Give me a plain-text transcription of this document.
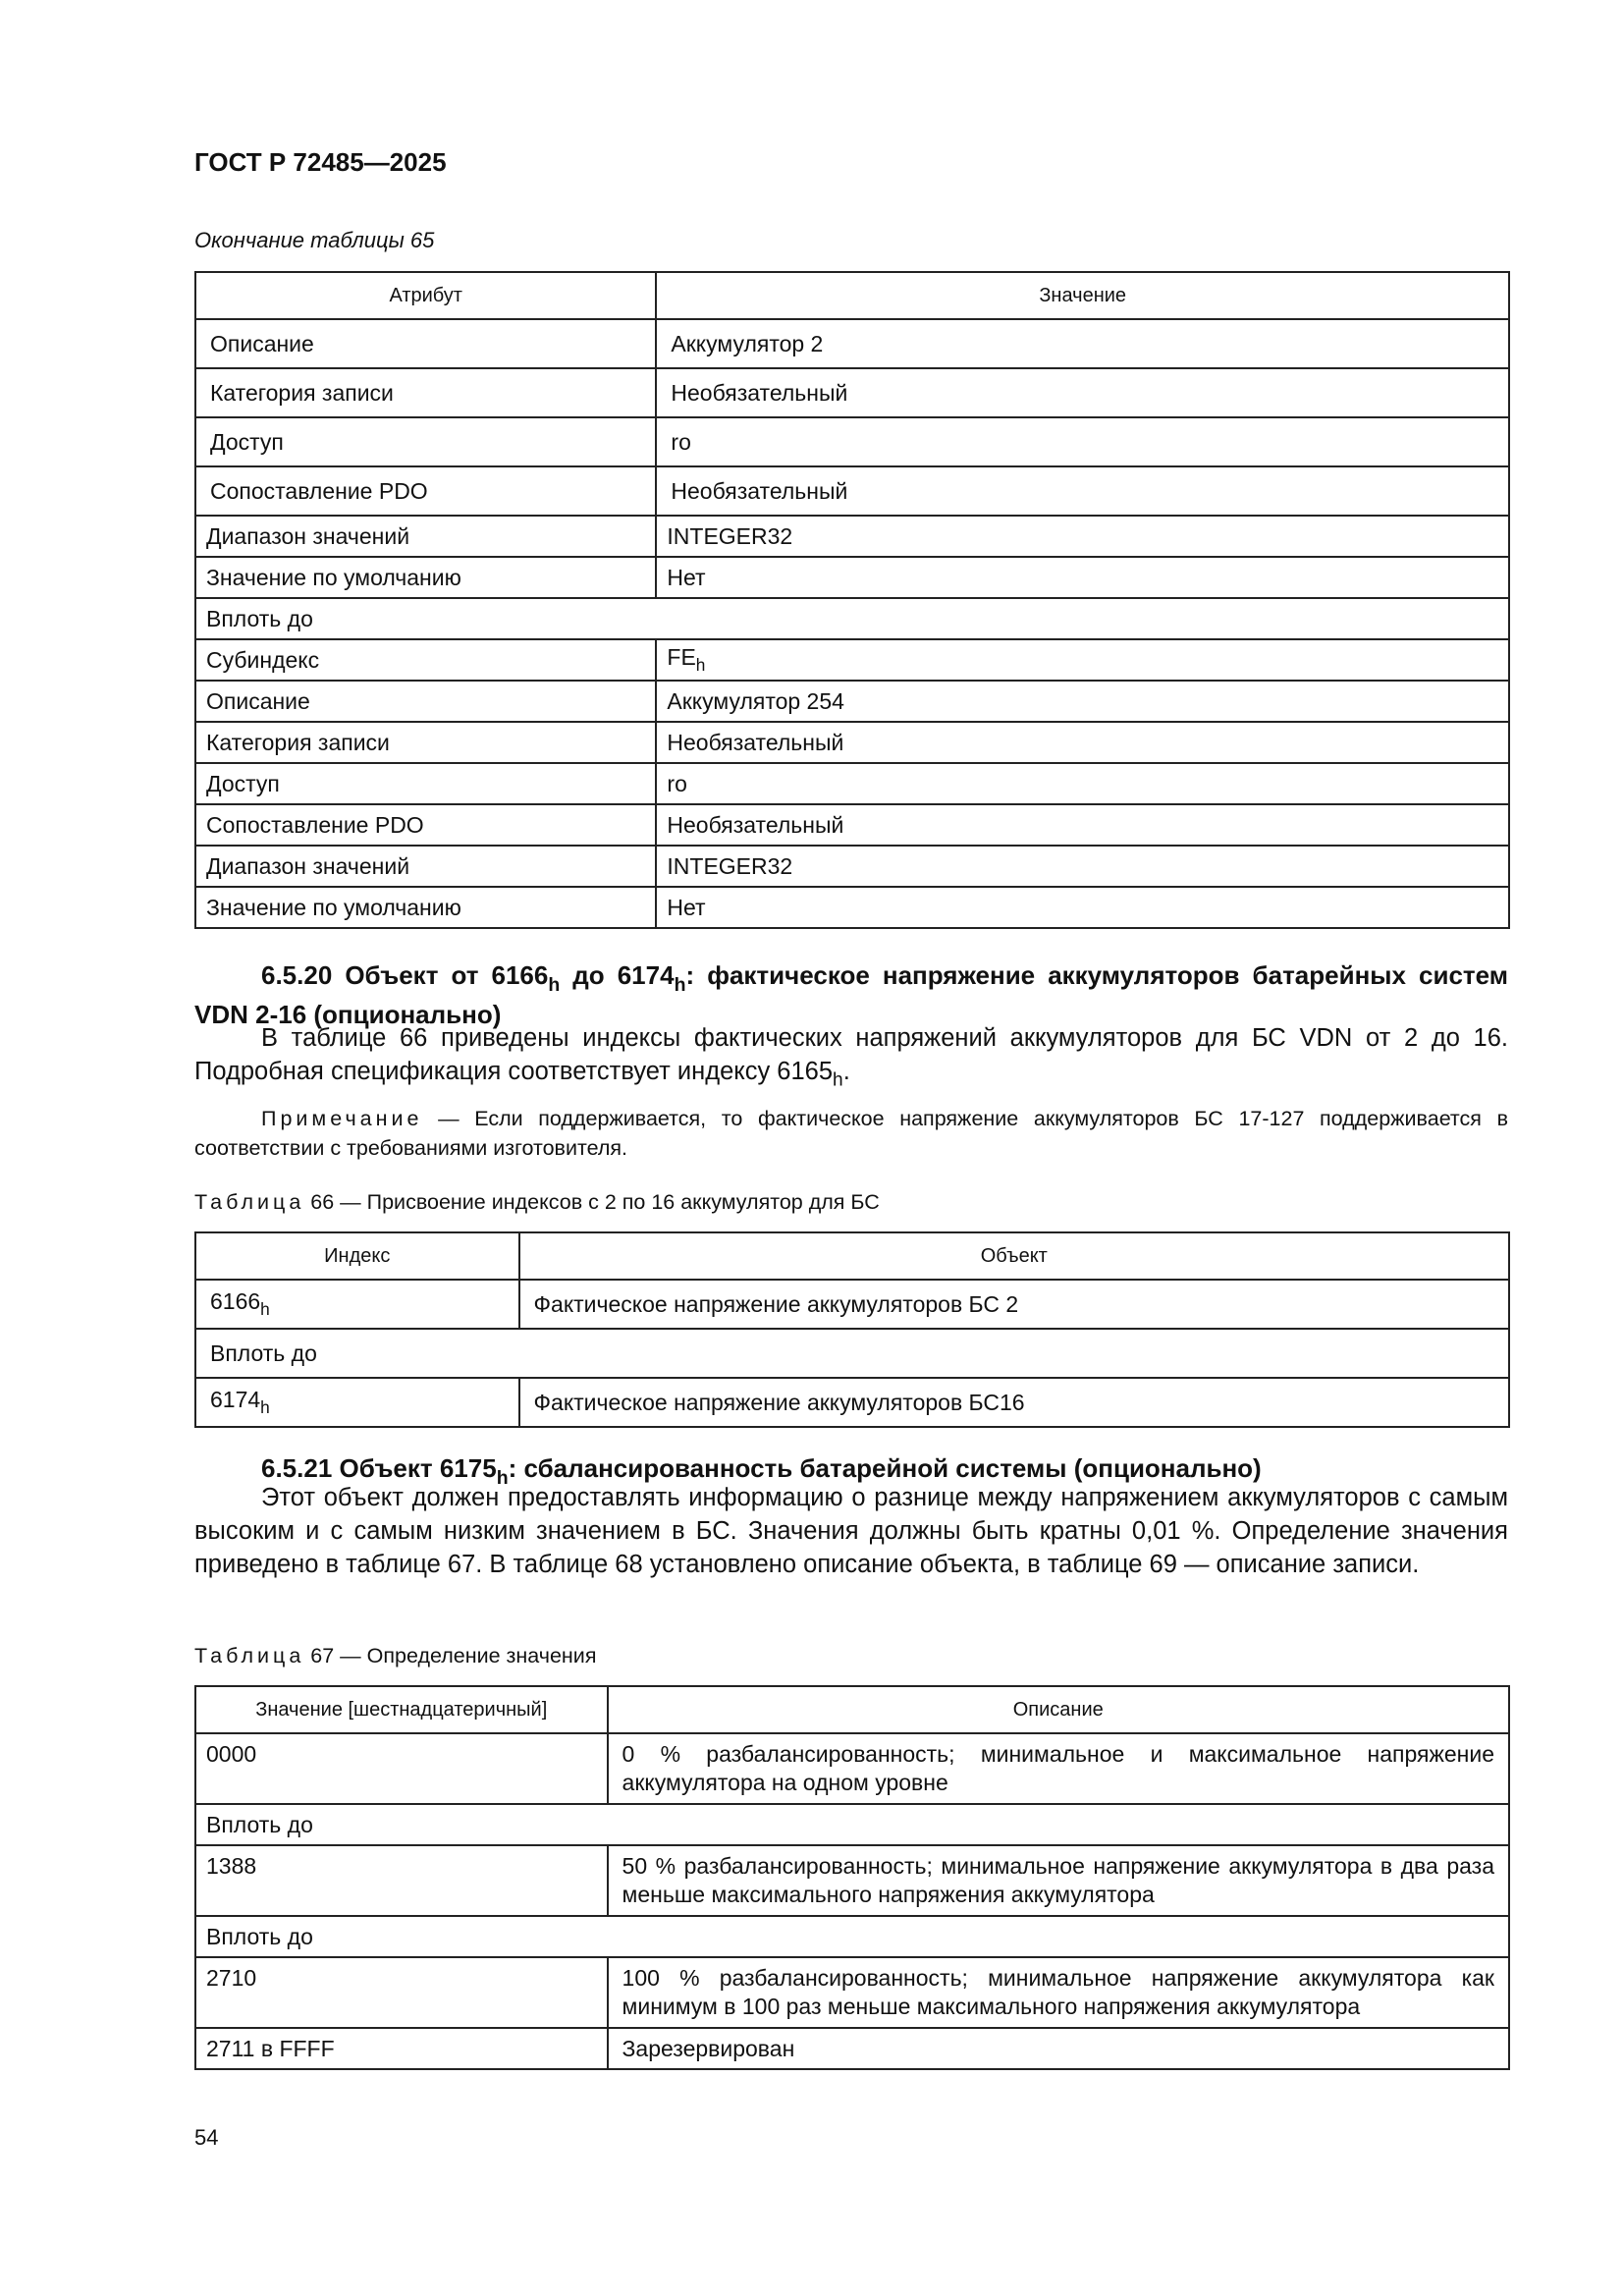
ГОСТ Р 72485—2025
Окончание таблицы 65
Атрибут	Значение
Описание	Аккумулятор 2
Категория записи	Необязательный
Доступ	ro
Сопоставление PDO	Необязательный
Диапазон значений	INTEGER32
Значение по умолчанию	Нет
Вплоть до	
Субиндекс	$FE_h$
Описание	Аккумулятор 254
Категория записи	Необязательный
Доступ	ro
Сопоставление PDO	Необязательный
Диапазон значений	INTEGER32
Значение по умолчанию	Нет
6.5.20 Объект от $6166_h$ до $6174_h$: фактическое напряжение аккумуляторов батарейных систем VDN 2-16 (опционально)
В таблице 66 приведены индексы фактических напряжений аккумуляторов для БС VDN от 2 до 16. Подробная спецификация соответствует индексу $6165_h$.
Примечание — Если поддерживается, то фактическое напряжение аккумуляторов БС 17-127 поддерживается в соответствии с требованиями изготовителя.
Таблица 66 — Присвоение индексов с 2 по 16 аккумулятор для БС
Индекс	Объект
$6166_h$	Фактическое напряжение аккумуляторов БС 2
Вплоть до	
$6174_h$	Фактическое напряжение аккумуляторов БС16
6.5.21 Объект $6175_h$: сбалансированность батарейной системы (опционально)
Этот объект должен предоставлять информацию о разнице между напряжением аккумуляторов с самым высоким и с самым низким значением в БС. Значения должны быть кратны 0,01 %. Определение значения приведено в таблице 67. В таблице 68 установлено описание объекта, в таблице 69 — описание записи.
Таблица 67 — Определение значения
Значение [шестнадцатеричный]	Описание
0000	0 % разбалансированность; минимальное и максимальное напряжение аккумулятора на одном уровне
Вплоть до	
1388	50 % разбалансированность; минимальное напряжение аккумулятора в два раза меньше максимального напряжения аккумулятора
Вплоть до	
2710	100 % разбалансированность; минимальное напряжение аккумулятора как минимум в 100 раз меньше максимального напряжения аккумулятора
2711 в FFFF	Зарезервирован
54
